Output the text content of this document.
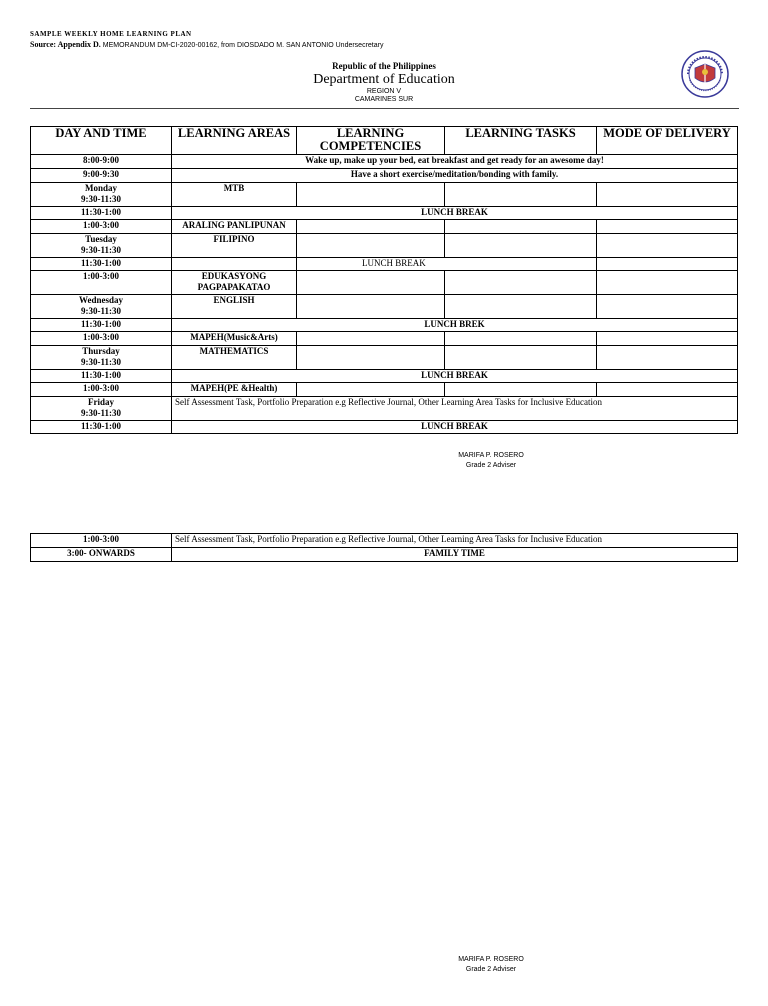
SAMPLE WEEKLY HOME LEARNING PLAN
Source: Appendix D. MEMORANDUM DM-CI-2020-00162, from DIOSDADO M. SAN ANTONIO Undersecretary
Republic of the Philippines
Department of Education
REGION V
CAMARINES SUR
DAY AND TIME	LEARNING AREAS	LEARNING COMPETENCIES	LEARNING TASKS	MODE OF DELIVERY
8:00-9:00	Wake up, make up your bed, eat breakfast and get ready for an awesome day!			
9:00-9:30	Have a short exercise/meditation/bonding with family.			

Monday
9:30-11:30	MTB			
11:30-1:00	LUNCH BREAK			
1:00-3:00	ARALING PANLIPUNAN			

Tuesday
9:30-11:30	FILIPINO			
11:30-1:00		LUNCH BREAK		
1:00-3:00	EDUKASYONG
PAGPAPAKATAO			

Wednesday
9:30-11:30	ENGLISH			
11:30-1:00	LUNCH BREK			
1:00-3:00	MAPEH(Music&Arts)			

Thursday
9:30-11:30	MATHEMATICS			
11:30-1:00	LUNCH BREAK			
1:00-3:00	MAPEH(PE &Health)			

Friday
9:30-11:30	Self Assessment Task, Portfolio Preparation e.g Reflective Journal, Other Learning Area Tasks for Inclusive Education			
11:30-1:00	LUNCH BREAK			
MARIFA P. ROSERO
Grade 2 Adviser
1:00-3:00	Self Assessment Task, Portfolio Preparation e.g Reflective Journal, Other Learning Area Tasks for Inclusive Education
3:00- ONWARDS	FAMILY TIME
MARIFA P. ROSERO
Grade 2 Adviser
